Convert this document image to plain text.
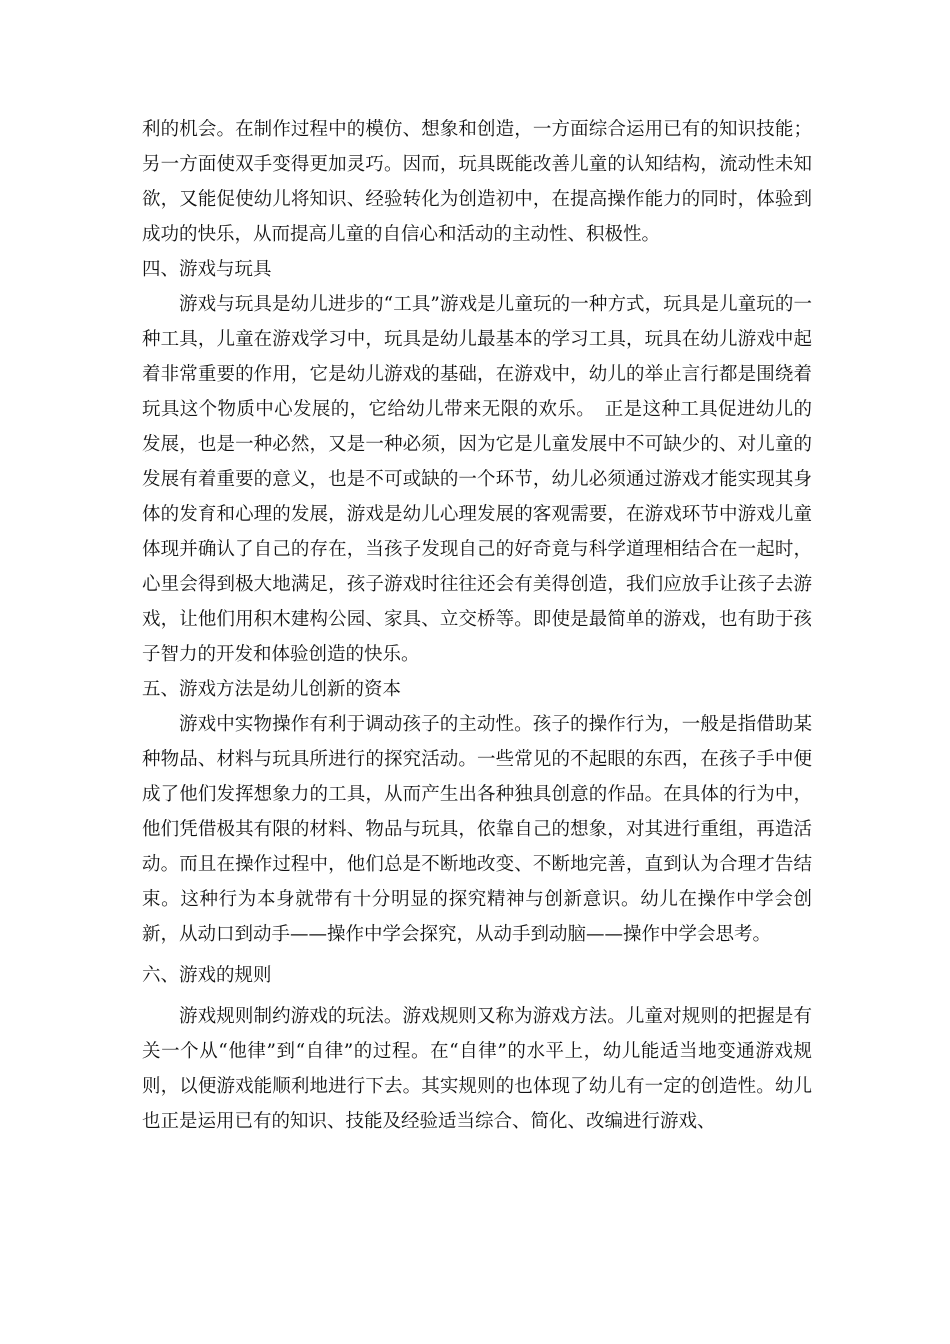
利的机会。在制作过程中的模仿、想象和创造，一方面综合运用已有的知识技能；另一方面使双手变得更加灵巧。因而，玩具既能改善儿童的认知结构，流动性未知欲，又能促使幼儿将知识、经验转化为创造初中，在提高操作能力的同时，体验到成功的快乐，从而提高儿童的自信心和活动的主动性、积极性。

四、游戏与玩具

游戏与玩具是幼儿进步的“工具”游戏是儿童玩的一种方式，玩具是儿童玩的一种工具，儿童在游戏学习中，玩具是幼儿最基本的学习工具，玩具在幼儿游戏中起着非常重要的作用，它是幼儿游戏的基础，在游戏中，幼儿的举止言行都是围绕着玩具这个物质中心发展的，它给幼儿带来无限的欢乐。　正是这种工具促进幼儿的发展，也是一种必然，又是一种必须，因为它是儿童发展中不可缺少的、对儿童的发展有着重要的意义，也是不可或缺的一个环节，幼儿必须通过游戏才能实现其身体的发育和心理的发展，游戏是幼儿心理发展的客观需要，在游戏环节中游戏儿童体现并确认了自己的存在，当孩子发现自己的好奇竟与科学道理相结合在一起时，心里会得到极大地满足，孩子游戏时往往还会有美得创造，我们应放手让孩子去游戏，让他们用积木建构公园、家具、立交桥等。即使是最简单的游戏，也有助于孩子智力的开发和体验创造的快乐。

五、游戏方法是幼儿创新的资本

游戏中实物操作有利于调动孩子的主动性。孩子的操作行为，一般是指借助某种物品、材料与玩具所进行的探究活动。一些常见的不起眼的东西，在孩子手中便成了他们发挥想象力的工具，从而产生出各种独具创意的作品。在具体的行为中，他们凭借极其有限的材料、物品与玩具，依靠自己的想象，对其进行重组，再造活动。而且在操作过程中，他们总是不断地改变、不断地完善，直到认为合理才告结束。这种行为本身就带有十分明显的探究精神与创新意识。幼儿在操作中学会创新，从动口到动手——操作中学会探究，从动手到动脑——操作中学会思考。

六、游戏的规则

游戏规则制约游戏的玩法。游戏规则又称为游戏方法。儿童对规则的把握是有关一个从“他律”到“自律”的过程。在“自律”的水平上，幼儿能适当地变通游戏规则，以便游戏能顺利地进行下去。其实规则的也体现了幼儿有一定的创造性。幼儿也正是运用已有的知识、技能及经验适当综合、简化、改编进行游戏、
